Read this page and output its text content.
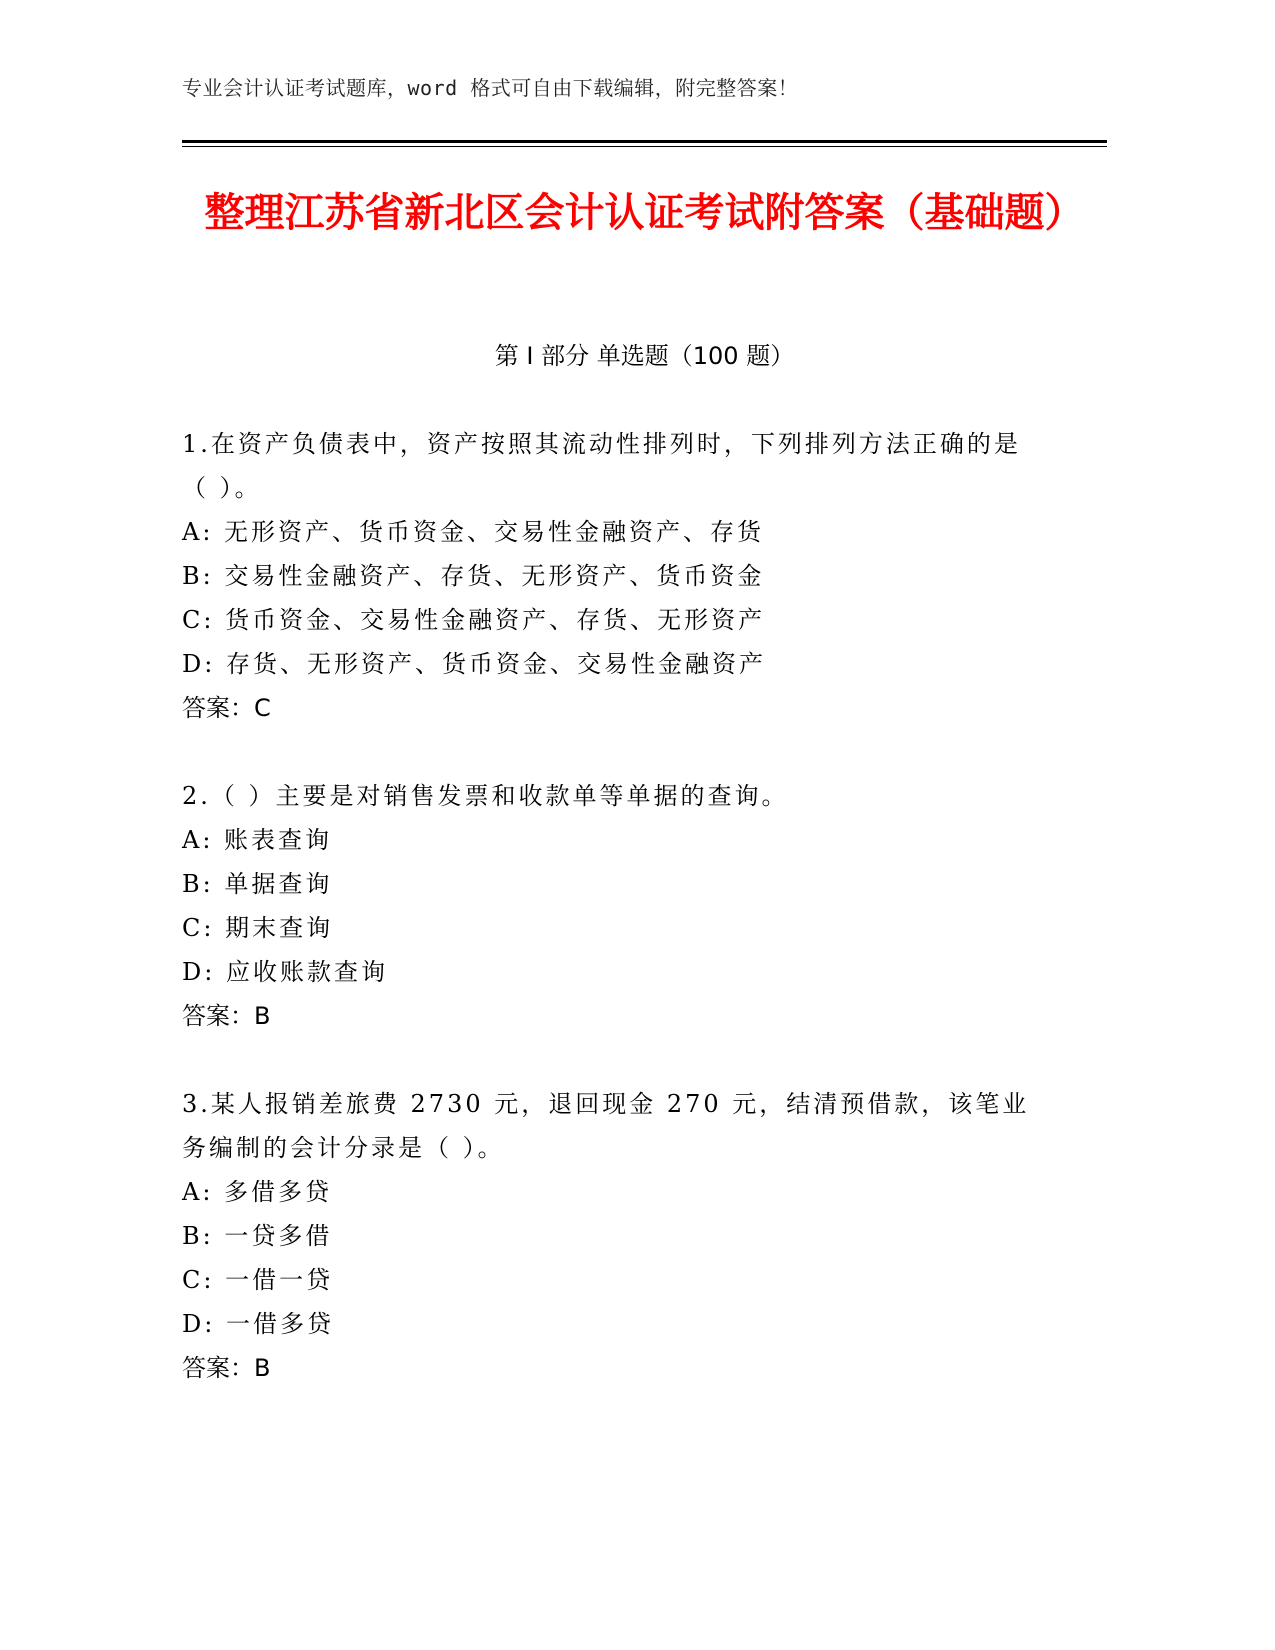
专业会计认证考试题库，word 格式可自由下载编辑，附完整答案！
整理江苏省新北区会计认证考试附答案（基础题）
第 I 部分 单选题（100 题）

1.在资产负债表中，资产按照其流动性排列时，下列排列方法正确的是（ ）。

A: 无形资产、货币资金、交易性金融资产、存货

B: 交易性金融资产、存货、无形资产、货币资金

C: 货币资金、交易性金融资产、存货、无形资产

D: 存货、无形资产、货币资金、交易性金融资产

答案：C

2.（ ）主要是对销售发票和收款单等单据的查询。

A: 账表查询

B: 单据查询

C: 期末查询

D: 应收账款查询

答案：B

3.某人报销差旅费 2730 元，退回现金 270 元，结清预借款，该笔业务编制的会计分录是（ ）。

A: 多借多贷

B: 一贷多借

C: 一借一贷

D: 一借多贷

答案：B
